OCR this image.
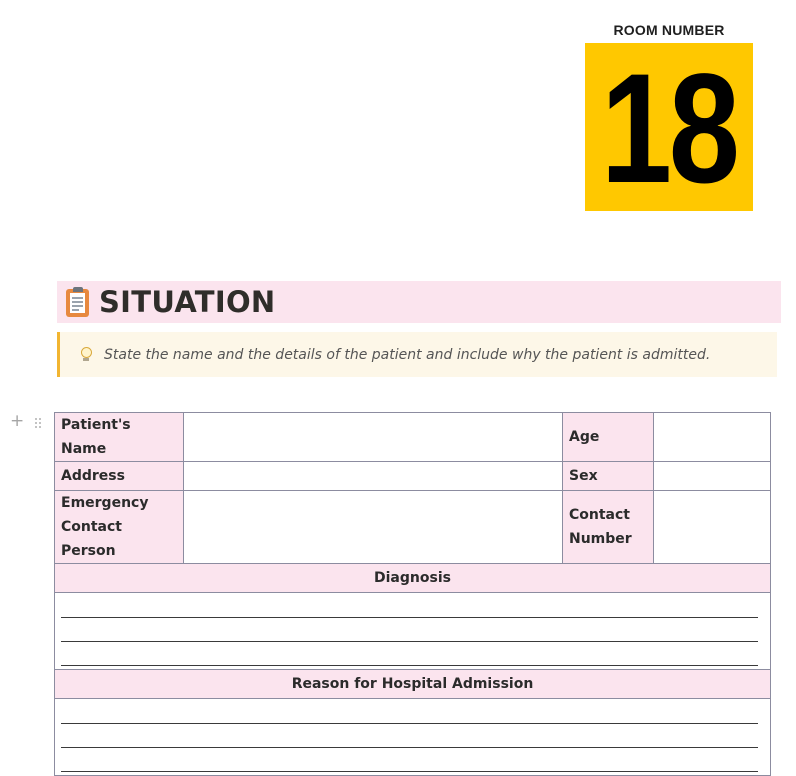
ROOM NUMBER
18
SITUATION
State the name and the details of the patient and include why the patient is admitted.
+	Patient's Name		Age	
Address		Sex	
Emergency Contact Person		Contact Number	
Diagnosis			

Reason for Hospital Admission			
